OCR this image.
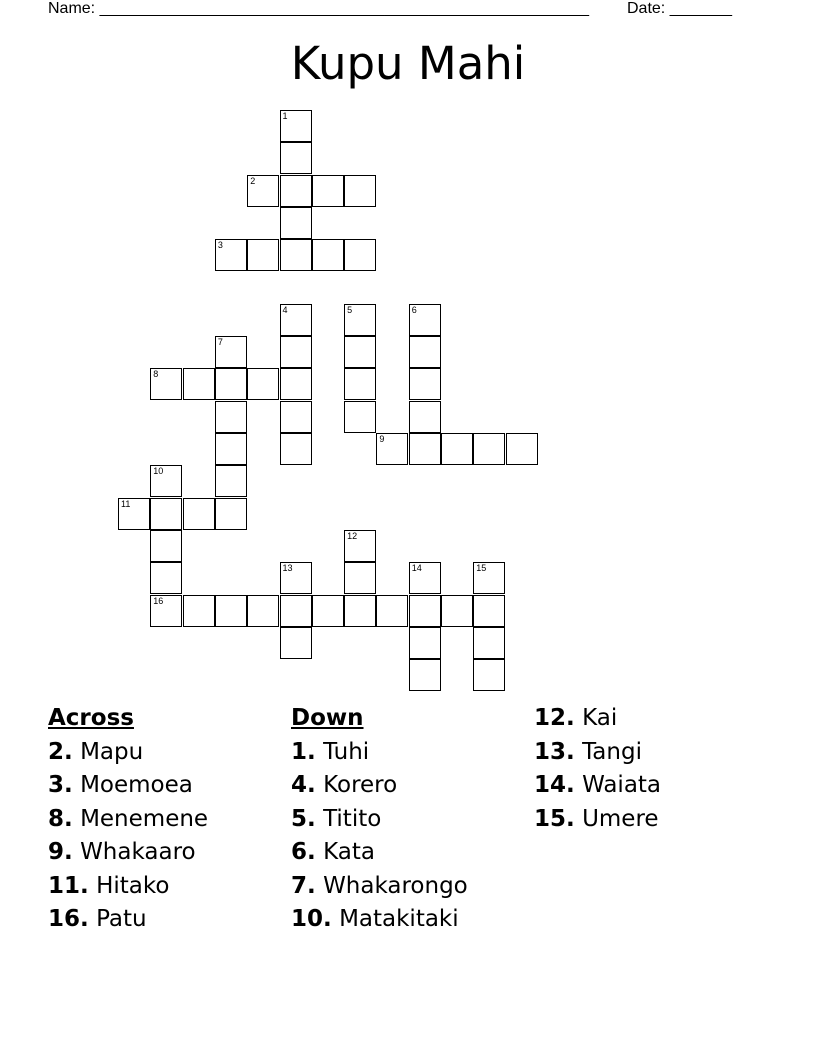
Name: _______________________________________________________ Date: _______
Kupu Mahi
1
2
3
4	5	6
7
8
9
10
11
12
13	14	15
16
Across
2. Mapu
3. Moemoea
8. Menemene
9. Whakaaro
11. Hitako
16. Patu
Down
1. Tuhi
4. Korero
5. Titito
6. Kata
7. Whakarongo
10. Matakitaki
12. Kai
13. Tangi
14. Waiata
15. Umere
